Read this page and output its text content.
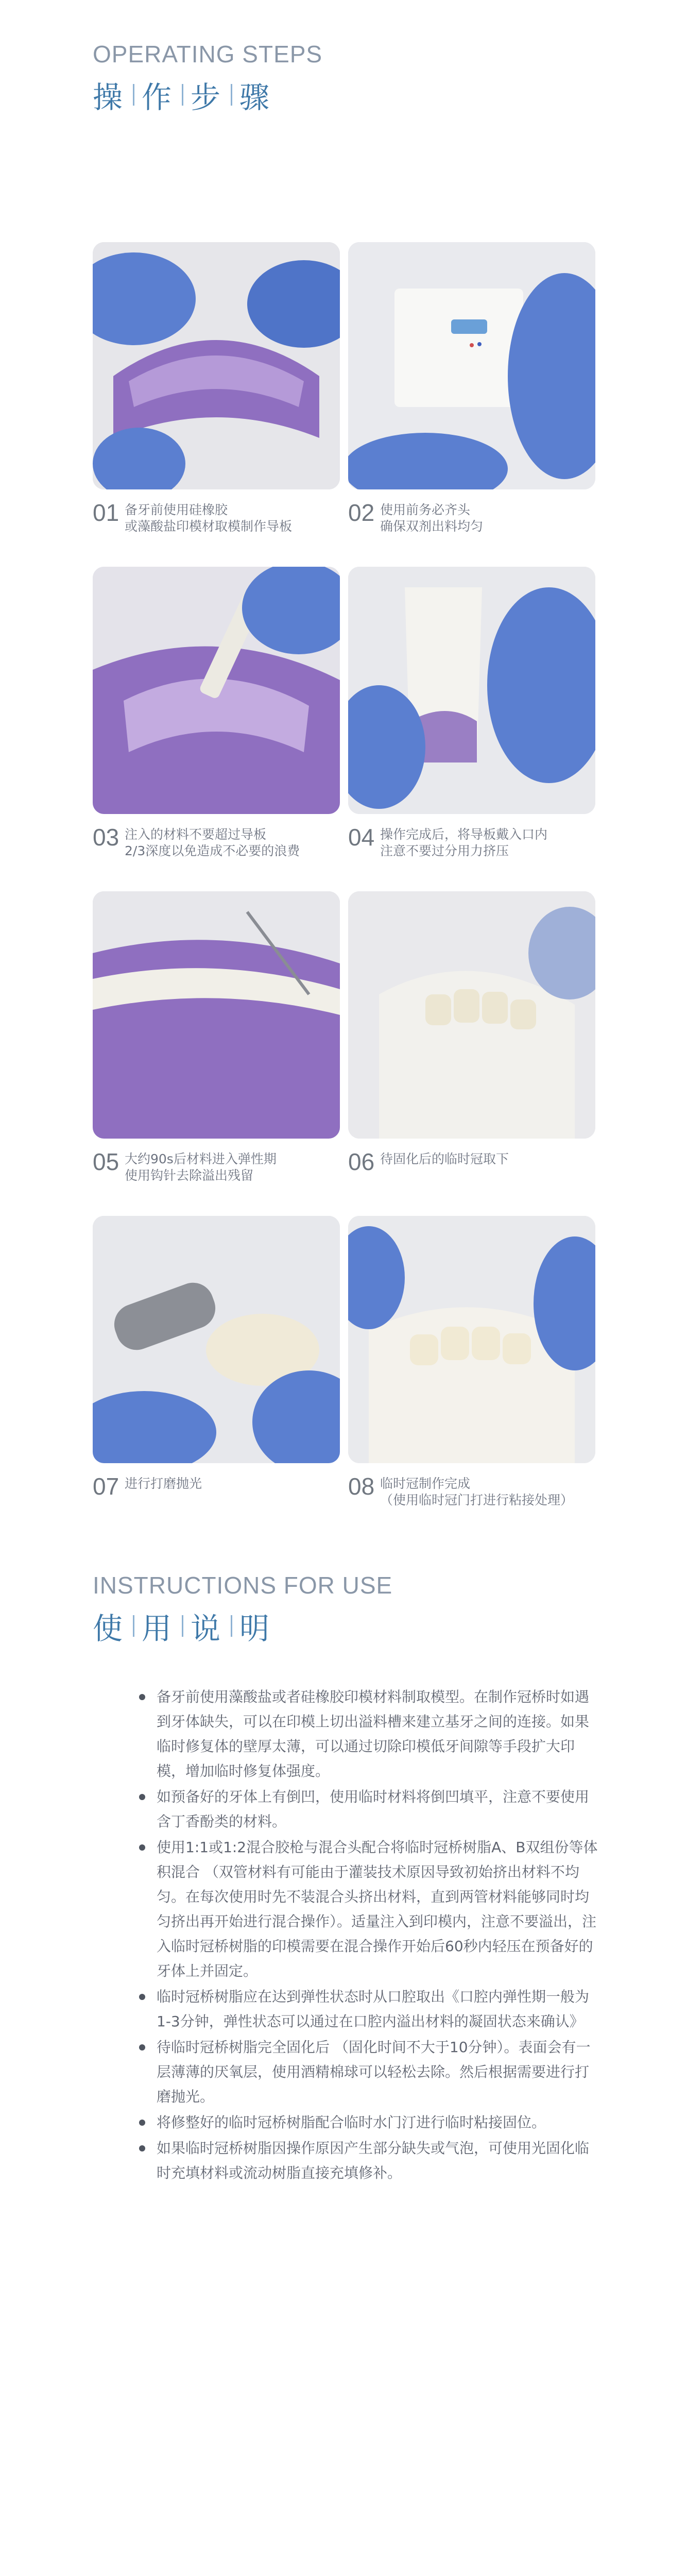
OPERATING STEPS
操 作 步 骤
01 备牙前使用硅橡胶
或藻酸盐印模材取模制作导板
02 使用前务必齐头
确保双剂出料均匀
03 注入的材料不要超过导板
2/3深度以免造成不必要的浪费
04 操作完成后，将导板戴入口内
注意不要过分用力挤压
05 大约90s后材料进入弹性期
使用钩针去除溢出残留
06 待固化后的临时冠取下
07 进行打磨抛光	08 临时冠制作完成
（使用临时冠门打进行粘接处理）
INSTRUCTIONS FOR USE
使 用 说 明
备牙前使用藻酸盐或者硅橡胶印模材料制取模型。在制作冠桥时如遇到牙体缺失，可以在印模上切出溢料槽来建立基牙之间的连接。如果临时修复体的壁厚太薄，可以通过切除印模低牙间隙等手段扩大印模，增加临时修复体强度。
如预备好的牙体上有倒凹，使用临时材料将倒凹填平，注意不要使用含丁香酚类的材料。
使用1:1或1:2混合胶枪与混合头配合将临时冠桥树脂A、B双组份等体积混合 （双管材料有可能由于灌装技术原因导致初始挤出材料不均匀。在每次使用时先不装混合头挤出材料，直到两管材料能够同时均匀挤出再开始进行混合操作）。适量注入到印模内，注意不要溢出，注入临时冠桥树脂的印模需要在混合操作开始后60秒内轻压在预备好的牙体上并固定。
临时冠桥树脂应在达到弹性状态时从口腔取出《口腔内弹性期一般为1-3分钟，弹性状态可以通过在口腔内溢出材料的凝固状态来确认》
待临时冠桥树脂完全固化后 （固化时间不大于10分钟）。表面会有一层薄薄的厌氧层，使用酒精棉球可以轻松去除。然后根据需要进行打磨抛光。
将修整好的临时冠桥树脂配合临时水门汀进行临时粘接固位。
如果临时冠桥树脂因操作原因产生部分缺失或气泡，可使用光固化临时充填材料或流动树脂直接充填修补。
